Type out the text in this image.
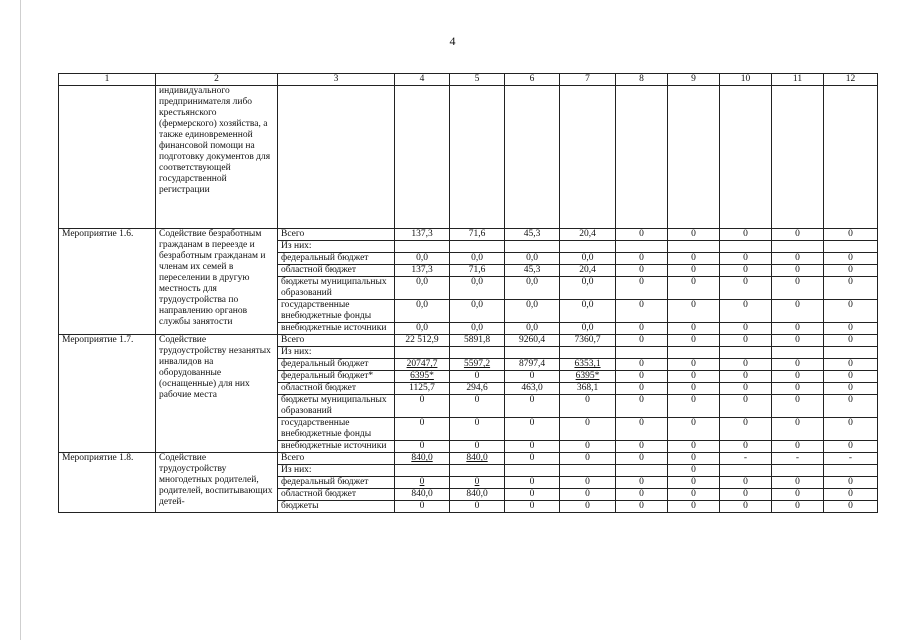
4
1	2	3	4	5	6	7	8	9	10	11	12
	индивидуального предпринимателя либо крестьянского (фермерского) хозяйства, а также единовременной финансовой помощи на подготовку документов для соответствующей государственной регистрации										
Мероприятие 1.6.	Содействие безработным гражданам в переезде и безработным гражданам и членам их семей в переселении в другую местность для трудоустройства по направлению органов службы занятости	Всего	137,3	71,6	45,3	20,4	0	0	0	0	0
		Из них:									
		федеральный бюджет	0,0	0,0	0,0	0,0	0	0	0	0	0
		областной бюджет	137,3	71,6	45,3	20,4	0	0	0	0	0
		бюджеты муниципальных образований	0,0	0,0	0,0	0,0	0	0	0	0	0
		государственные внебюджетные фонды	0,0	0,0	0,0	0,0	0	0	0	0	0
		внебюджетные источники	0,0	0,0	0,0	0,0	0	0	0	0	0
Мероприятие 1.7.	Содействие трудоустройству незанятых инвалидов на оборудованные (оснащенные) для них рабочие места	Всего	22 512,9	5891,8	9260,4	7360,7	0	0	0	0	0
		Из них:									
		федеральный бюджет	20747,7	5597,2	8797,4	6353,1	0	0	0	0	0
		федеральный бюджет*	6395*	0	0	6395*	0	0	0	0	0
		областной бюджет	1125,7	294,6	463,0	368,1	0	0	0	0	0
		бюджеты муниципальных образований	0	0	0	0	0	0	0	0	0
		государственные внебюджетные фонды	0	0	0	0	0	0	0	0	0
		внебюджетные источники	0	0	0	0	0	0	0	0	0
Мероприятие 1.8.	Содействие трудоустройству многодетных родителей, родителей, воспитывающих детей-	Всего	840,0	840,0	0	0	0	0	-	-	-
		Из них:						0			
		федеральный бюджет	0	0	0	0	0	0	0	0	0
		областной бюджет	840,0	840,0	0	0	0	0	0	0	0
		бюджеты	0	0	0	0	0	0	0	0	0
